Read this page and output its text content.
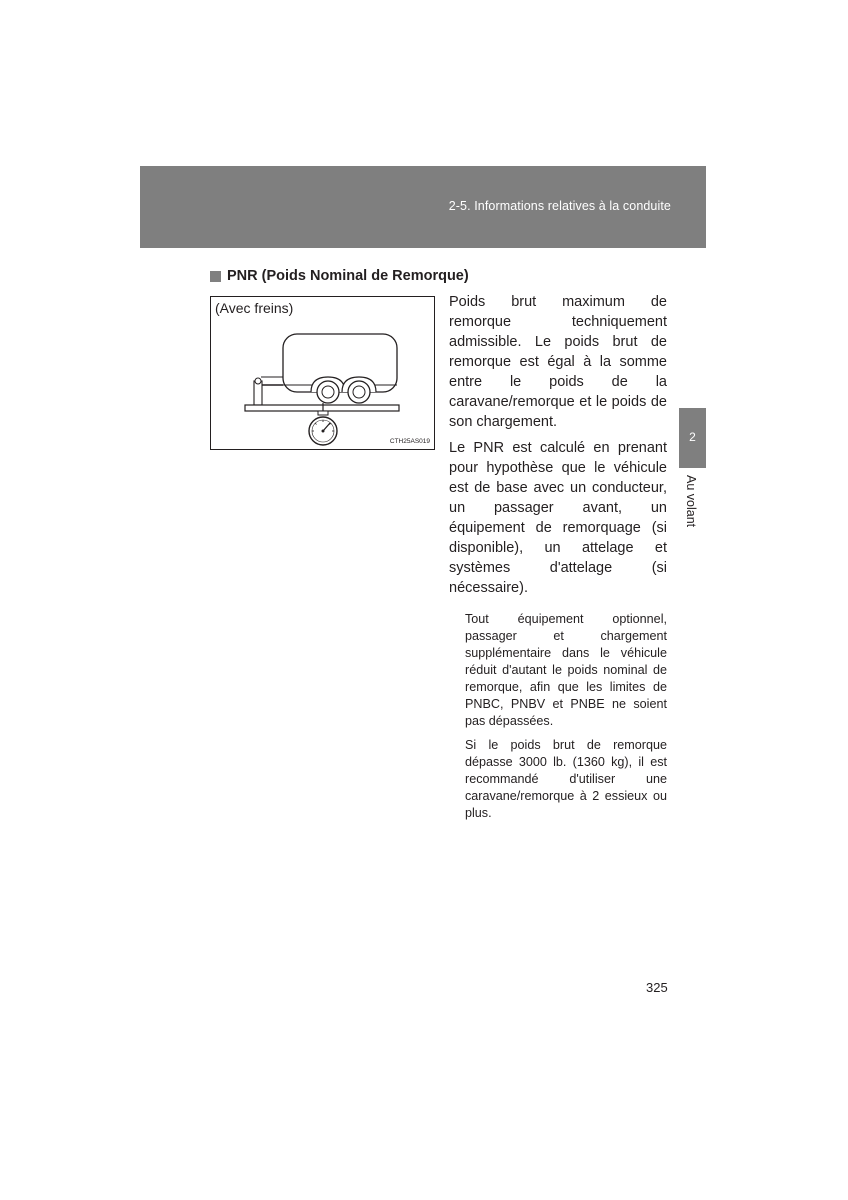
2-5. Informations relatives à la conduite
2
Au volant
PNR (Poids Nominal de Remorque)
(Avec freins)
CTH25AS019

Poids brut maximum de remorque techniquement admissible. Le poids brut de remorque est égal à la somme entre le poids de la caravane/remorque et le poids de son chargement.

Le PNR est calculé en prenant pour hypothèse que le véhicule est de base avec un conducteur, un passager avant, un équipement de remorquage (si disponible), un attelage et systèmes d'attelage (si nécessaire).

Tout équipement optionnel, passager et chargement supplémentaire dans le véhicule réduit d'autant le poids nominal de remorque, afin que les limites de PNBC, PNBV et PNBE ne soient pas dépassées.

Si le poids brut de remorque dépasse 3000 lb. (1360 kg), il est recommandé d'utiliser une caravane/remorque à 2 essieux ou plus.

325
